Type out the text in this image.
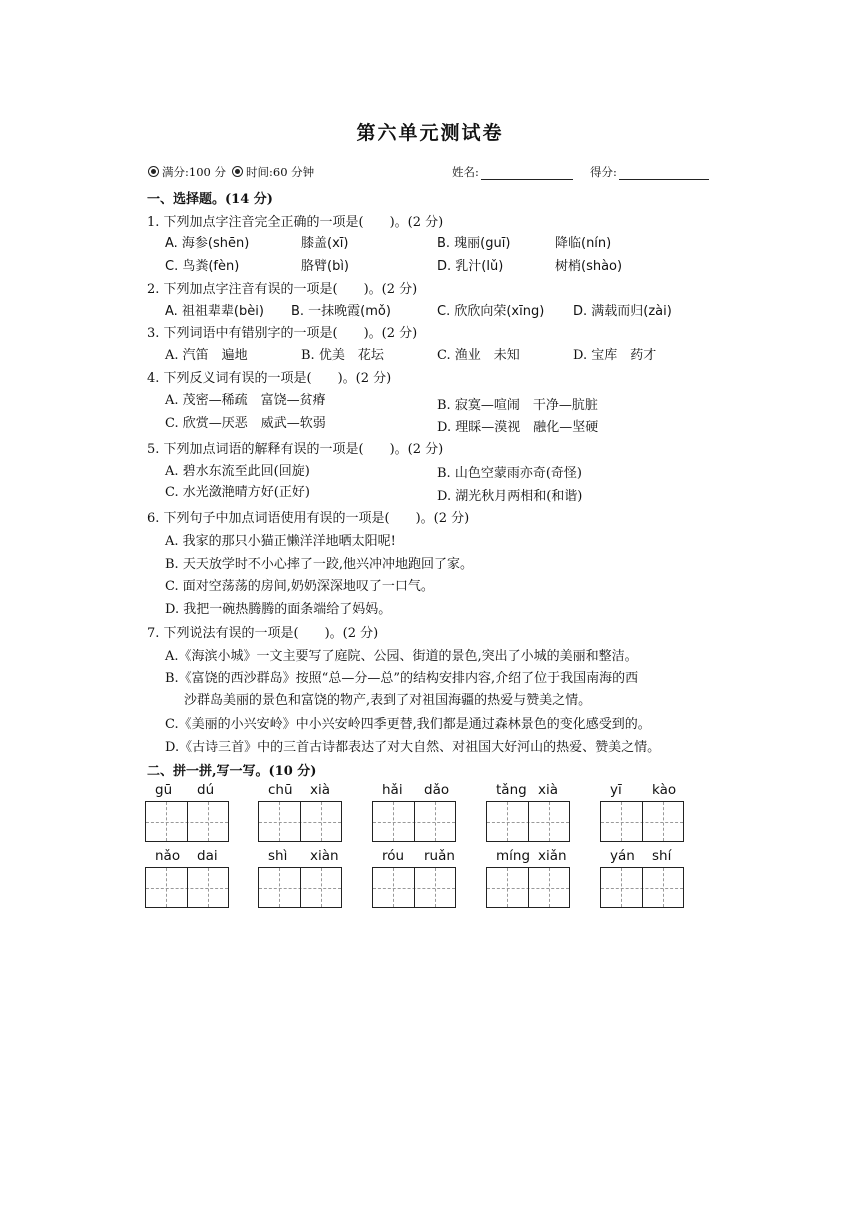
第六单元测试卷
满分:100 分	时间:60 分钟	姓名:	得分:
一、选择题。(14 分)
1. 下列加点字注音完全正确的一项是(　　)。(2 分)
A. 海参(shēn)	膝盖(xī)	B. 瑰丽(guī)	降临(nín)
C. 鸟粪(fèn)	胳臂(bì)	D. 乳汁(lǔ)	树梢(shào)
2. 下列加点字注音有误的一项是(　　)。(2 分)
A. 祖祖辈辈(bèi) B. 一抹晚霞(mǒ)	C. 欣欣向荣(xīng) D. 满载而归(zài)
3. 下列词语中有错别字的一项是(　　)。(2 分)
A. 汽笛　遍地	B. 优美　花坛	C. 渔业　未知	D. 宝库　药才
4. 下列反义词有误的一项是(　　)。(2 分)
A. 茂密—稀疏　富饶—贫瘠	B. 寂寞—喧闹　干净—肮脏
C. 欣赏—厌恶　威武—软弱	D. 理睬—漠视　融化—坚硬
5. 下列加点词语的解释有误的一项是(　　)。(2 分)
A. 碧水东流至此回(回旋)	B. 山色空蒙雨亦奇(奇怪)
C. 水光潋滟晴方好(正好)	D. 湖光秋月两相和(和谐)
6. 下列句子中加点词语使用有误的一项是(　　)。(2 分)
A. 我家的那只小猫正懒洋洋地晒太阳呢!
B. 天天放学时不小心摔了一跤,他兴冲冲地跑回了家。
C. 面对空荡荡的房间,奶奶深深地叹了一口气。
D. 我把一碗热腾腾的面条端给了妈妈。
7. 下列说法有误的一项是(　　)。(2 分)
A.《海滨小城》一文主要写了庭院、公园、街道的景色,突出了小城的美丽和整洁。
B.《富饶的西沙群岛》按照“总—分—总”的结构安排内容,介绍了位于我国南海的西
沙群岛美丽的景色和富饶的物产,表到了对祖国海疆的热爱与赞美之情。
C.《美丽的小兴安岭》中小兴安岭四季更替,我们都是通过森林景色的变化感受到的。
D.《古诗三首》中的三首古诗都表达了对大自然、对祖国大好河山的热爱、赞美之情。
二、拼一拼,写一写。(10 分)
gū dú	chū xià	hǎi dǎo	tǎng xià	yī kào
nǎo dai	shì xiàn	róu ruǎn	míng xiǎn	yán shí
